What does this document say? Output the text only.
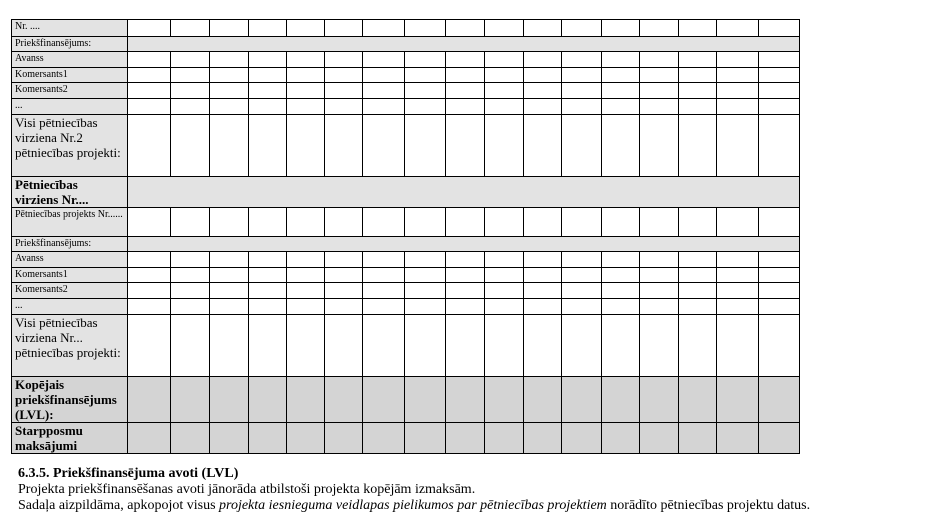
Nr. ....																	
Priekšfinansējums:																	
Avanss																	
Komersants1																	
Komersants2																	
...																	
Visi pētniecības virziena Nr.2 pētniecības projekti:																	
Pētniecības virziens Nr....																	
Pētniecības projekts Nr......																	
Priekšfinansējums:																	
Avanss																	
Komersants1																	
Komersants2																	
...																	
Visi pētniecības virziena Nr... pētniecības projekti:																	
Kopējais priekšfinansējums (LVL):																	
Starpposmu maksājumi																	
6.3.5. Priekšfinansējuma avoti (LVL)
Projekta priekšfinansēšanas avoti jānorāda atbilstoši projekta kopējām izmaksām.
Sadaļa aizpildāma, apkopojot visus projekta iesnieguma veidlapas pielikumos par pētniecības projektiem norādīto pētniecības projektu datus.
